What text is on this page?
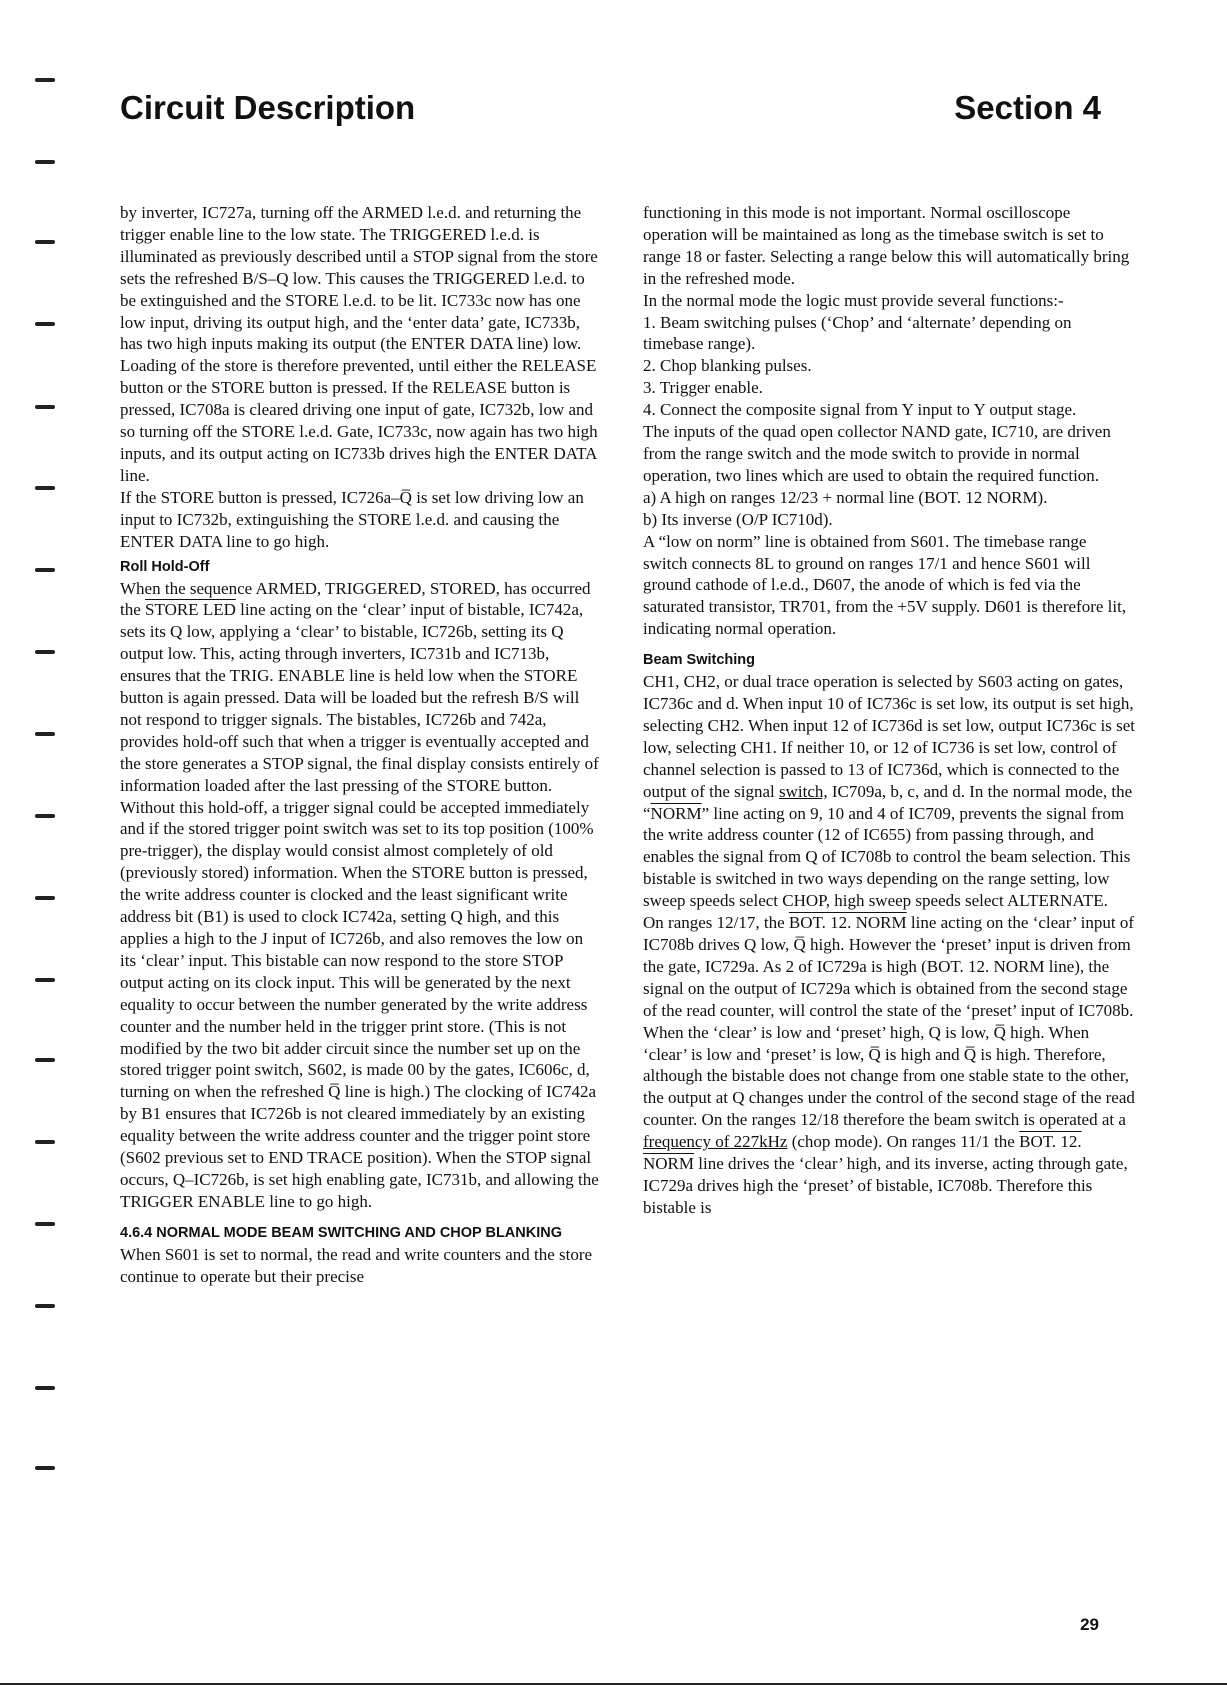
Circuit Description	Section 4

by inverter, IC727a, turning off the ARMED l.e.d. and returning the trigger enable line to the low state. The TRIGGERED l.e.d. is illuminated as previously described until a STOP signal from the store sets the refreshed B/S–Q low. This causes the TRIGGERED l.e.d. to be extinguished and the STORE l.e.d. to be lit. IC733c now has one low input, driving its output high, and the ‘enter data’ gate, IC733b, has two high inputs making its output (the ENTER DATA line) low. Loading of the store is therefore prevented, until either the RELEASE button or the STORE button is pressed. If the RELEASE button is pressed, IC708a is cleared driving one input of gate, IC732b, low and so turning off the STORE l.e.d. Gate, IC733c, now again has two high inputs, and its output acting on IC733b drives high the ENTER DATA line.

If the STORE button is pressed, IC726a–Q̅ is set low driving low an input to IC732b, extinguishing the STORE l.e.d. and causing the ENTER DATA line to go high.

Roll Hold-Off

When the sequence ARMED, TRIGGERED, STORED, has occurred the STORE LED line acting on the ‘clear’ input of bistable, IC742a, sets its Q low, applying a ‘clear’ to bistable, IC726b, setting its Q output low. This, acting through inverters, IC731b and IC713b, ensures that the TRIG. ENABLE line is held low when the STORE button is again pressed. Data will be loaded but the refresh B/S will not respond to trigger signals. The bistables, IC726b and 742a, provides hold-off such that when a trigger is eventually accepted and the store generates a STOP signal, the final display consists entirely of information loaded after the last pressing of the STORE button. Without this hold-off, a trigger signal could be accepted immediately and if the stored trigger point switch was set to its top position (100% pre-trigger), the display would consist almost completely of old (previously stored) information. When the STORE button is pressed, the write address counter is clocked and the least significant write address bit (B1) is used to clock IC742a, setting Q high, and this applies a high to the J input of IC726b, and also removes the low on its ‘clear’ input. This bistable can now respond to the store STOP output acting on its clock input. This will be generated by the next equality to occur between the number generated by the write address counter and the number held in the trigger print store. (This is not modified by the two bit adder circuit since the number set up on the stored trigger point switch, S602, is made 00 by the gates, IC606c, d, turning on when the refreshed Q̅ line is high.) The clocking of IC742a by B1 ensures that IC726b is not cleared immediately by an existing equality between the write address counter and the trigger point store (S602 previous set to END TRACE position). When the STOP signal occurs, Q–IC726b, is set high enabling gate, IC731b, and allowing the TRIGGER ENABLE line to go high.

4.6.4 NORMAL MODE BEAM SWITCHING AND CHOP BLANKING

When S601 is set to normal, the read and write counters and the store continue to operate but their precise

functioning in this mode is not important. Normal oscilloscope operation will be maintained as long as the timebase switch is set to range 18 or faster. Selecting a range below this will automatically bring in the refreshed mode.

In the normal mode the logic must provide several functions:-

1. Beam switching pulses (‘Chop’ and ‘alternate’ depending on timebase range).

2. Chop blanking pulses.

3. Trigger enable.

4. Connect the composite signal from Y input to Y output stage.

The inputs of the quad open collector NAND gate, IC710, are driven from the range switch and the mode switch to provide in normal operation, two lines which are used to obtain the required function.

a) A high on ranges 12/23 + normal line (BOT. 12 NORM).

b) Its inverse (O/P IC710d).

A “low on norm” line is obtained from S601. The timebase range switch connects 8L to ground on ranges 17/1 and hence S601 will ground cathode of l.e.d., D607, the anode of which is fed via the saturated transistor, TR701, from the +5V supply. D601 is therefore lit, indicating normal operation.

Beam Switching

CH1, CH2, or dual trace operation is selected by S603 acting on gates, IC736c and d. When input 10 of IC736c is set low, its output is set high, selecting CH2. When input 12 of IC736d is set low, output IC736c is set low, selecting CH1. If neither 10, or 12 of IC736 is set low, control of channel selection is passed to 13 of IC736d, which is connected to the output of the signal switch, IC709a, b, c, and d. In the normal mode, the “NORM” line acting on 9, 10 and 4 of IC709, prevents the signal from the write address counter (12 of IC655) from passing through, and enables the signal from Q of IC708b to control the beam selection. This bistable is switched in two ways depending on the range setting, low sweep speeds select CHOP, high sweep speeds select ALTERNATE.

On ranges 12/17, the BOT. 12. NORM line acting on the ‘clear’ input of IC708b drives Q low, Q̅ high. However the ‘preset’ input is driven from the gate, IC729a. As 2 of IC729a is high (BOT. 12. NORM line), the signal on the output of IC729a which is obtained from the second stage of the read counter, will control the state of the ‘preset’ input of IC708b. When the ‘clear’ is low and ‘preset’ high, Q is low, Q̅ high. When ‘clear’ is low and ‘preset’ is low, Q̅ is high and Q̅ is high. Therefore, although the bistable does not change from one stable state to the other, the output at Q changes under the control of the second stage of the read counter. On the ranges 12/18 therefore the beam switch is operated at a frequency of 227kHz (chop mode). On ranges 11/1 the BOT. 12. NORM line drives the ‘clear’ high, and its inverse, acting through gate, IC729a drives high the ‘preset’ of bistable, IC708b. Therefore this bistable is

29
